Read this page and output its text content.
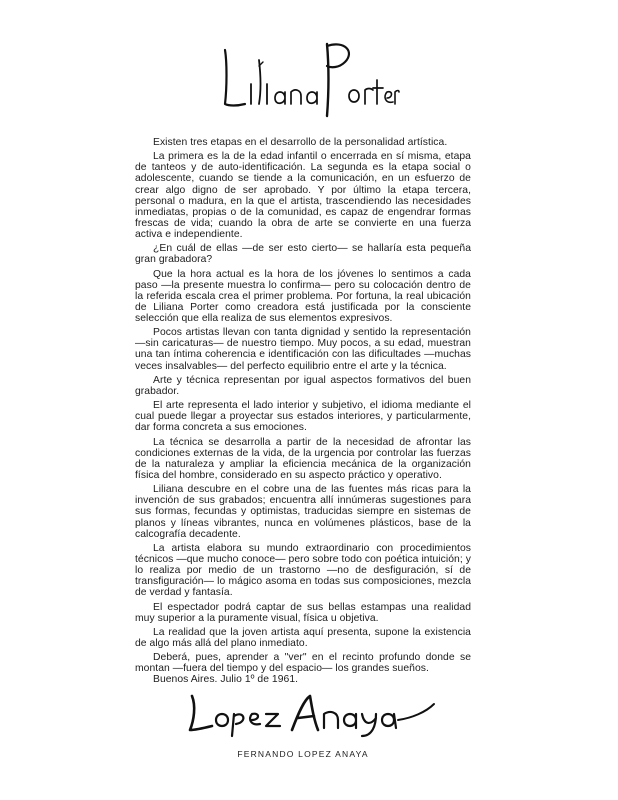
Existen tres etapas en el desarrollo de la personalidad artística.

La primera es la de la edad infantil o encerrada en sí misma, etapa de tanteos y de auto-identificación. La segunda es la etapa social o adolescente, cuando se tiende a la comunicación, en un esfuerzo de crear algo digno de ser aprobado. Y por último la etapa tercera, personal o madura, en la que el artista, trascendiendo las necesidades inmediatas, propias o de la comunidad, es capaz de engendrar formas frescas de vida; cuando la obra de arte se convierte en una fuerza activa e independiente.

¿En cuál de ellas —de ser esto cierto— se hallaría esta pequeña gran grabadora?

Que la hora actual es la hora de los jóvenes lo sentimos a cada paso —la presente muestra lo confirma— pero su colocación dentro de la referida escala crea el primer problema. Por fortuna, la real ubicación de Liliana Porter como creadora está justificada por la consciente selección que ella realiza de sus elementos expresivos.

Pocos artistas llevan con tanta dignidad y sentido la representación —sin caricaturas— de nuestro tiempo. Muy pocos, a su edad, muestran una tan íntima coherencia e identificación con las dificultades —muchas veces insalvables— del perfecto equilibrio entre el arte y la técnica.

Arte y técnica representan por igual aspectos formativos del buen grabador.

El arte representa el lado interior y subjetivo, el idioma mediante el cual puede llegar a proyectar sus estados interiores, y particularmente, dar forma concreta a sus emociones.

La técnica se desarrolla a partir de la necesidad de afrontar las condiciones externas de la vida, de la urgencia por controlar las fuerzas de la naturaleza y ampliar la eficiencia mecánica de la organización física del hombre, considerado en su aspecto práctico y operativo.

Liliana descubre en el cobre una de las fuentes más ricas para la invención de sus grabados; encuentra allí innúmeras sugestiones para sus formas, fecundas y optimistas, traducidas siempre en sistemas de planos y líneas vibrantes, nunca en volúmenes plásticos, base de la calcografía decadente.

La artista elabora su mundo extraordinario con procedimientos técnicos —que mucho conoce— pero sobre todo con poética intuición; y lo realiza por medio de un trastorno —no de desfiguración, sí de transfiguración— lo mágico asoma en todas sus composiciones, mezcla de verdad y fantasía.

El espectador podrá captar de sus bellas estampas una realidad muy superior a la puramente visual, física u objetiva.

La realidad que la joven artista aquí presenta, supone la existencia de algo más allá del plano inmediato.

Deberá, pues, aprender a "ver" en el recinto profundo donde se montan —fuera del tiempo y del espacio— los grandes sueños.

Buenos Aires. Julio 1º de 1961.

FERNANDO LOPEZ ANAYA
